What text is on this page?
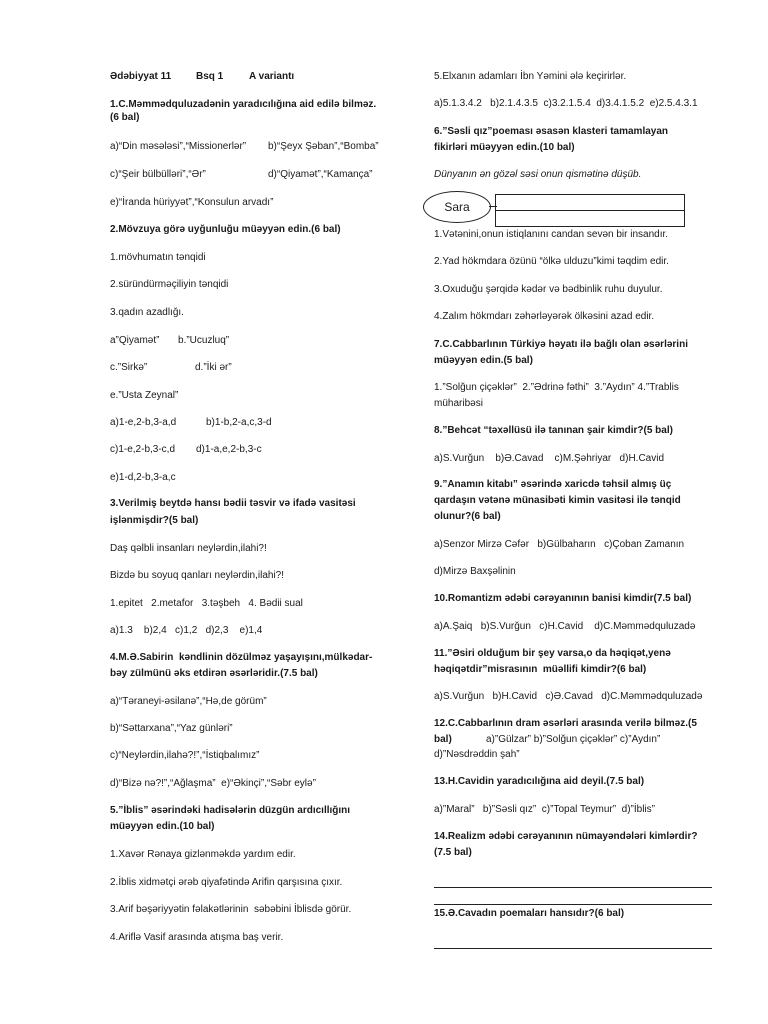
Ədəbiyyat 11 Bsq 1	A variantı
1.C.Məmmədquluzadənin yaradıcılığına aid edilə bilməz.
(6 bal)
a)“Din məsələsi”,“Missionerlər” b)“Şeyx Şəban”,“Bomba”
c)“Şeir bülbülləri”,“Ər”	d)“Qiyamət”,“Kamança”
e)“İranda hüriyyət”,“Konsulun arvadı”
2.Mövzuya görə uyğunluğu müəyyən edin.(6 bal)
1.mövhumatın tənqidi
2.süründürməçiliyin tənqidi
3.qadın azadlığı.
a”Qiyamət” b.”Ucuzluq”
c.”Sirkə”	d.”İki ər”
e.”Usta Zeynal”
a)1-e,2-b,3-a,d	b)1-b,2-a,c,3-d
c)1-e,2-b,3-c,d d)1-a,e,2-b,3-c
e)1-d,2-b,3-a,c
3.Verilmiş beytdə hansı bədii təsvir və ifadə vasitəsi
işlənmişdir?(5 bal)
Daş qəlbli insanları neylərdin,ilahi?!
Bizdə bu soyuq qanları neylərdin,ilahi?!
1.epitet   2.metafor   3.təşbeh   4. Bədii sual
a)1.3    b)2,4   c)1,2   d)2,3    e)1,4
4.M.Ə.Sabirin  kəndlinin dözülməz yaşayışını,mülkədar-
bəy zülmünü əks etdirən əsərləridir.(7.5 bal)
a)“Təraneyi-əsilanə”,“Hə,de görüm”
b)“Səttarxana”,“Yaz günləri”
c)“Neylərdin,ilahə?!”,“İstiqbalımız”
d)“Bizə nə?!”,“Ağlaşma”  e)“Əkinçi”,“Səbr eylə”
5.”İblis” əsərindəki hadisələrin düzgün ardıcıllığını
müəyyən edin.(10 bal)
1.Xavər Rənaya gizlənməkdə yardım edir.
2.İblis xidmətçi ərəb qiyafətində Arifin qarşısına çıxır.
3.Arif bəşəriyyətin fəlakətlərinin  səbəbini İblisdə görür.
4.Ariflə Vasif arasında atışma baş verir.
5.Elxanın adamları İbn Yəmini ələ keçirirlər.
a)5.1.3.4.2   b)2.1.4.3.5  c)3.2.1.5.4  d)3.4.1.5.2  e)2.5.4.3.1
6.”Səsli qız”poeması əsasən klasteri tamamlayan
fikirləri müəyyən edin.(10 bal)
Dünyanın ən gözəl səsi onun qismətinə düşüb.
Sara
1.Vətənini,onun istiqlanını candan sevən bir insandır.
2.Yad hökmdara özünü “ölkə ulduzu”kimi təqdim edir.
3.Oxuduğu şərqidə kədər və bədbinlik ruhu duyulur.
4.Zalım hökmdarı zəhərləyərək ölkəsini azad edir.
7.C.Cabbarlının Türkiyə həyatı ilə bağlı olan əsərlərini
müəyyən edin.(5 bal)
1.”Solğun çiçəklər”  2.”Ədrinə fəthi”  3.”Aydın” 4.”Trablis
müharibəsi
8.”Behcət “təxəllüsü ilə tanınan şair kimdir?(5 bal)
a)S.Vurğun    b)Ə.Cavad    c)M.Şəhriyar   d)H.Cavid
9.”Anamın kitabı” əsərində xaricdə təhsil almış üç
qardaşın vətənə münasibəti kimin vasitəsi ilə tənqid
olunur?(6 bal)
a)Senzor Mirzə Cəfər   b)Gülbaharın   c)Çoban Zamanın
d)Mirzə Baxşəlinin
10.Romantizm ədəbi cərəyanının banisi kimdir(7.5 bal)
a)A.Şaiq   b)S.Vurğun   c)H.Cavid    d)C.Məmmədquluzadə
11.”Əsiri olduğum bir şey varsa,o da həqiqət,yenə
həqiqətdir”misrasının  müəllifi kimdir?(6 bal)
a)S.Vurğun   b)H.Cavid   c)Ə.Cavad   d)C.Məmmədquluzadə
12.C.Cabbarlının dram əsərləri arasında verilə bilməz.(5
bal)	a)”Gülzar” b)”Solğun çiçəklər” c)”Aydın”
d)”Nəsdrəddin şah”
13.H.Cavidin yaradıcılığına aid deyil.(7.5 bal)
a)”Maral”   b)”Səsli qız”  c)”Topal Teymur”  d)”İblis”
14.Realizm ədəbi cərəyanının nümayəndələri kimlərdir?
(7.5 bal)
15.Ə.Cavadın poemaları hansıdır?(6 bal)
